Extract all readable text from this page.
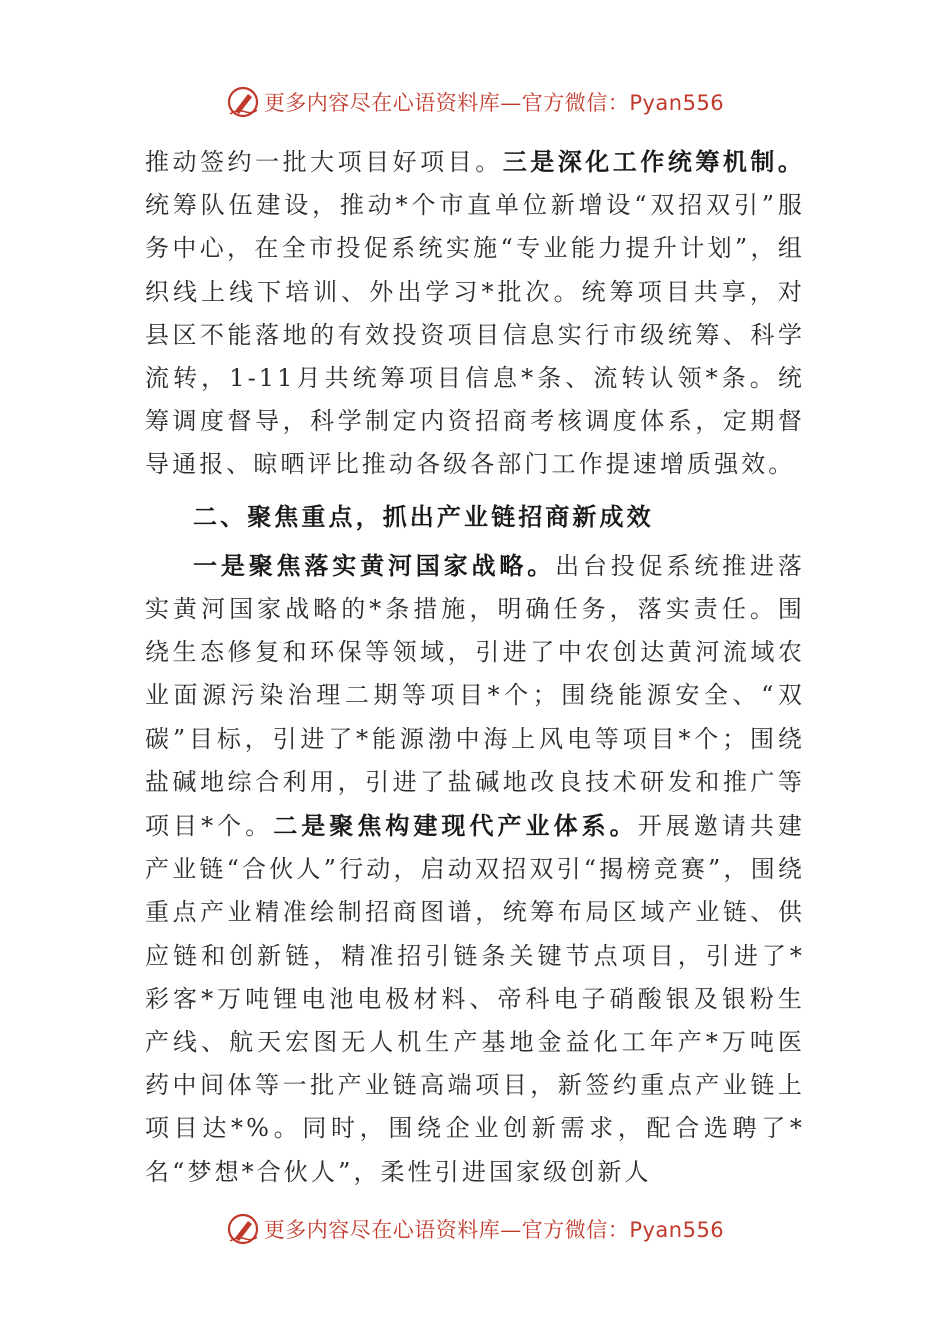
更多内容尽在心语资料库—官方微信：Pyan556

推动签约一批大项目好项目。三是深化工作统筹机制。统筹队伍建设，推动*个市直单位新增设“双招双引”服务中心，在全市投促系统实施“专业能力提升计划”，组织线上线下培训、外出学习*批次。统筹项目共享，对县区不能落地的有效投资项目信息实行市级统筹、科学流转，1-11月共统筹项目信息*条、流转认领*条。统筹调度督导，科学制定内资招商考核调度体系，定期督导通报、晾晒评比推动各级各部门工作提速增质强效。

二、聚焦重点，抓出产业链招商新成效

一是聚焦落实黄河国家战略。出台投促系统推进落实黄河国家战略的*条措施，明确任务，落实责任。围绕生态修复和环保等领域，引进了中农创达黄河流域农业面源污染治理二期等项目*个；围绕能源安全、“双碳”目标，引进了*能源渤中海上风电等项目*个；围绕盐碱地综合利用，引进了盐碱地改良技术研发和推广等项目*个。二是聚焦构建现代产业体系。开展邀请共建产业链“合伙人”行动，启动双招双引“揭榜竞赛”，围绕重点产业精准绘制招商图谱，统筹布局区域产业链、供应链和创新链，精准招引链条关键节点项目，引进了*彩客*万吨锂电池电极材料、帝科电子硝酸银及银粉生产线、航天宏图无人机生产基地金益化工年产*万吨医药中间体等一批产业链高端项目，新签约重点产业链上项目达*%。同时，围绕企业创新需求，配合选聘了*名“梦想*合伙人”，柔性引进国家级创新人

更多内容尽在心语资料库—官方微信：Pyan556
